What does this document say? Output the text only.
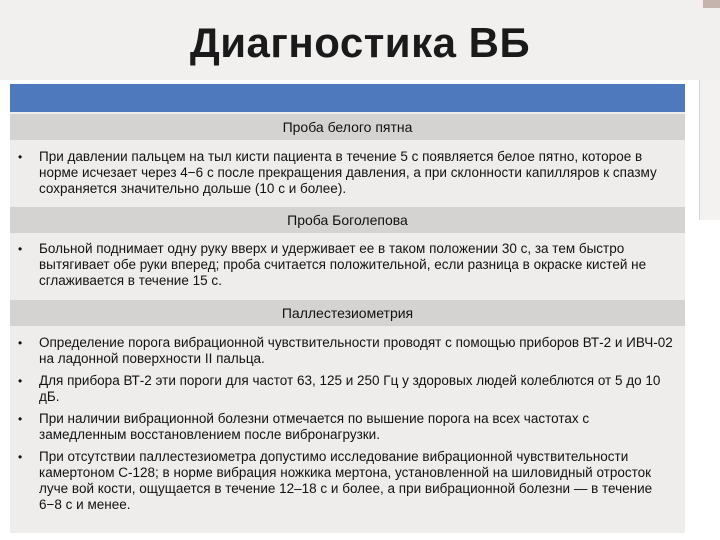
Диагностика ВБ
Проба белого пятна
• При давлении пальцем на тыл кисти пациента в течение 5 с появляется белое пятно, которое в норме исчезает через 4−6 с после прекращения давления, а при склонности капилляров к спазму сохраняется значительно дольше (10 с и более).
Проба Боголепова
• Больной поднимает одну руку вверх и удерживает ее в таком положении 30 с, за тем быстро вытягивает обе руки вперед; проба считается положительной, если разница в окраске кистей не сглаживается в течение 15 с.
Паллестезиометрия
• Определение порога вибрационной чувствительности проводят с помощью приборов ВТ-2 и ИВЧ-02 на ладонной поверхности II пальца.
• Для прибора ВТ-2 эти пороги для частот 63, 125 и 250 Гц у здоровых людей колеблются от 5 до 10 дБ.
• При наличии вибрационной болезни отмечается по вышение порога на всех частотах с замедленным восстановлением после вибронагрузки.
• При отсутствии паллестезиометра допустимо исследование вибрационной чувствительности камертоном С-128; в норме вибрация ножкика мертона, установленной на шиловидный отросток луче вой кости, ощущается в течение 12–18 с и более, а при вибрационной болезни — в течение 6−8 с и менее.
